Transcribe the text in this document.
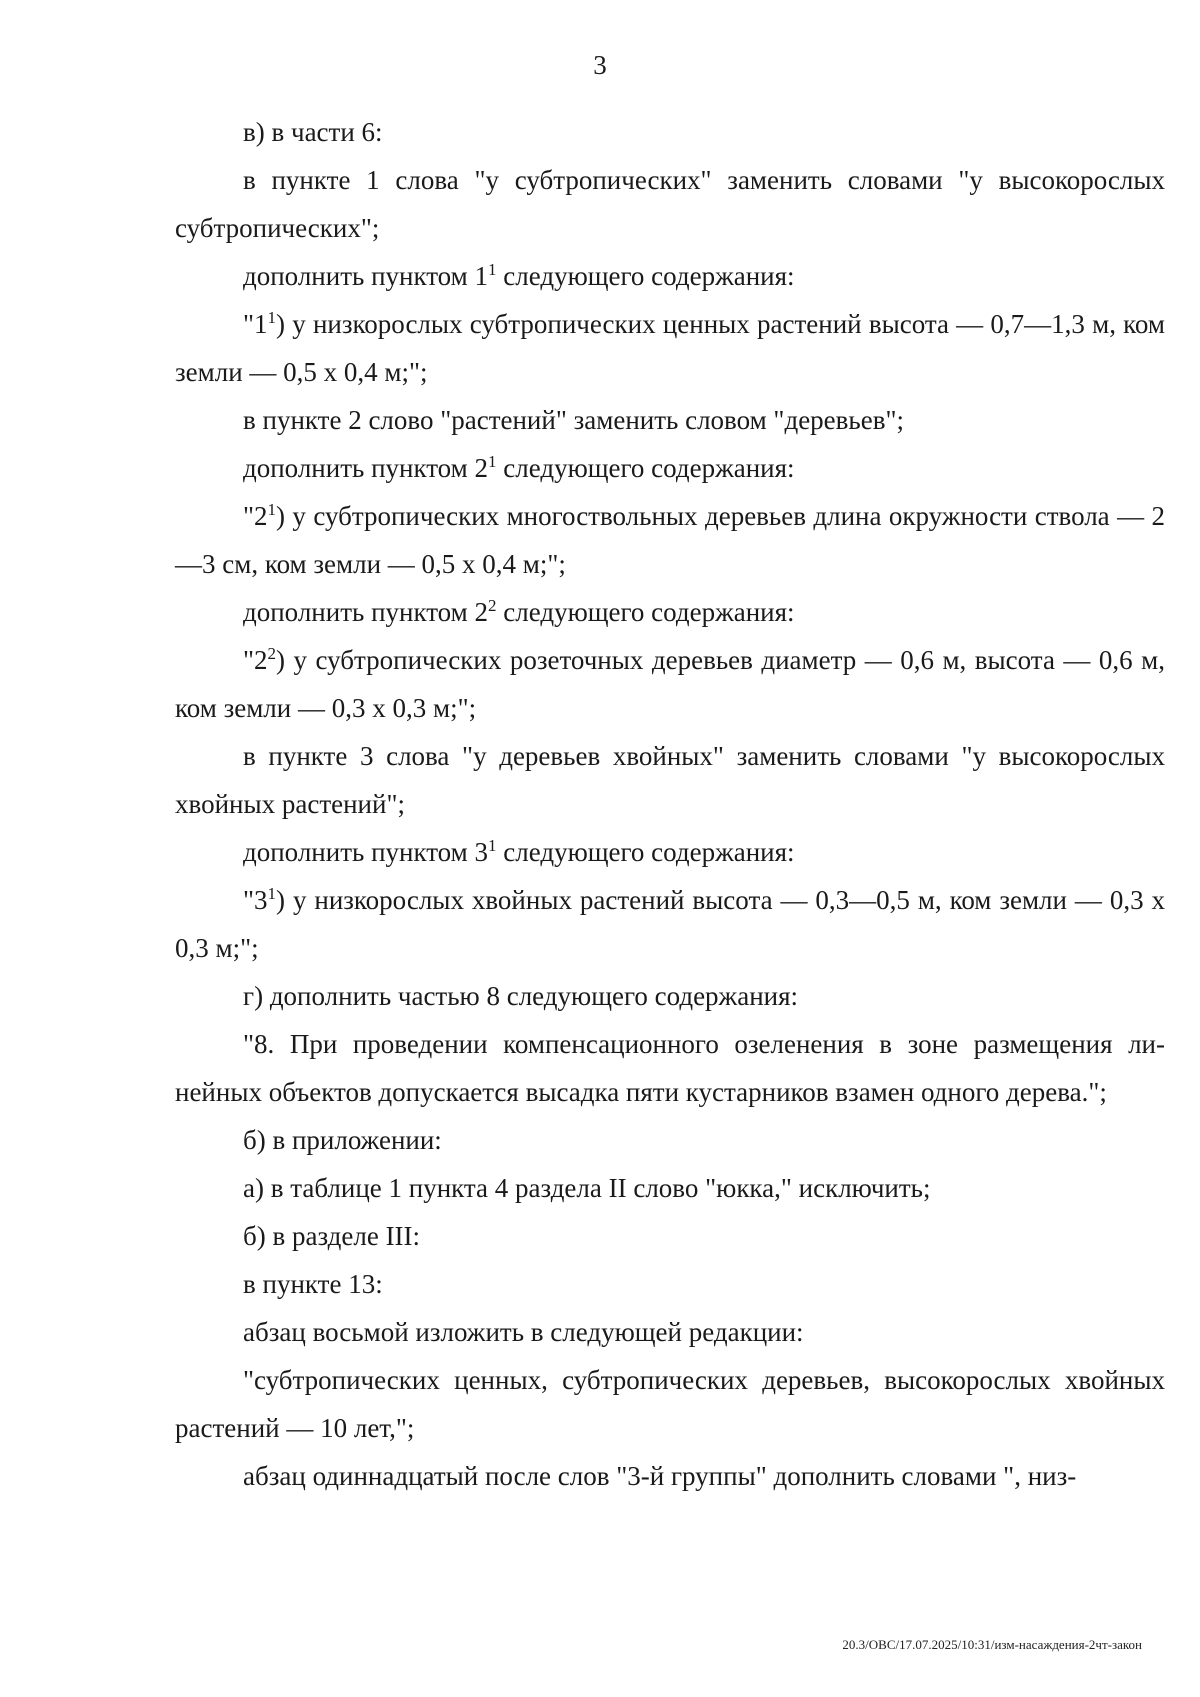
3

в) в части 6:

в пункте 1 слова "у субтропических" заменить словами "у высокорослых субтропических";

дополнить пунктом $1^1$ следующего содержания:

"$1^1$) у низкорослых субтропических ценных растений высота — 0,7—1,3 м, ком земли — 0,5 х 0,4 м;";

в пункте 2 слово "растений" заменить словом "деревьев";

дополнить пунктом $2^1$ следующего содержания:

"$2^1$) у субтропических многоствольных деревьев длина окружности ствола — 2—3 см, ком земли — 0,5 х 0,4 м;";

дополнить пунктом $2^2$ следующего содержания:

"$2^2$) у субтропических розеточных деревьев диаметр — 0,6 м, высота — 0,6 м, ком земли — 0,3 х 0,3 м;";

в пункте 3 слова "у деревьев хвойных" заменить словами "у высокорослых хвойных растений";

дополнить пунктом $3^1$ следующего содержания:

"$3^1$) у низкорослых хвойных растений высота — 0,3—0,5 м, ком земли — 0,3 х 0,3 м;";

г) дополнить частью 8 следующего содержания:

"8. При проведении компенсационного озеленения в зоне размещения линейных объектов допускается высадка пяти кустарников взамен одного дерева.";

б) в приложении:

а) в таблице 1 пункта 4 раздела II слово "юкка," исключить;

б) в разделе III:

в пункте 13:

абзац восьмой изложить в следующей редакции:

"субтропических ценных, субтропических деревьев, высокорослых хвойных растений — 10 лет,";

абзац одиннадцатый после слов "3-й группы" дополнить словами ", низ-

20.3/OBC/17.07.2025/10:31/изм-насаждения-2чт-закон
